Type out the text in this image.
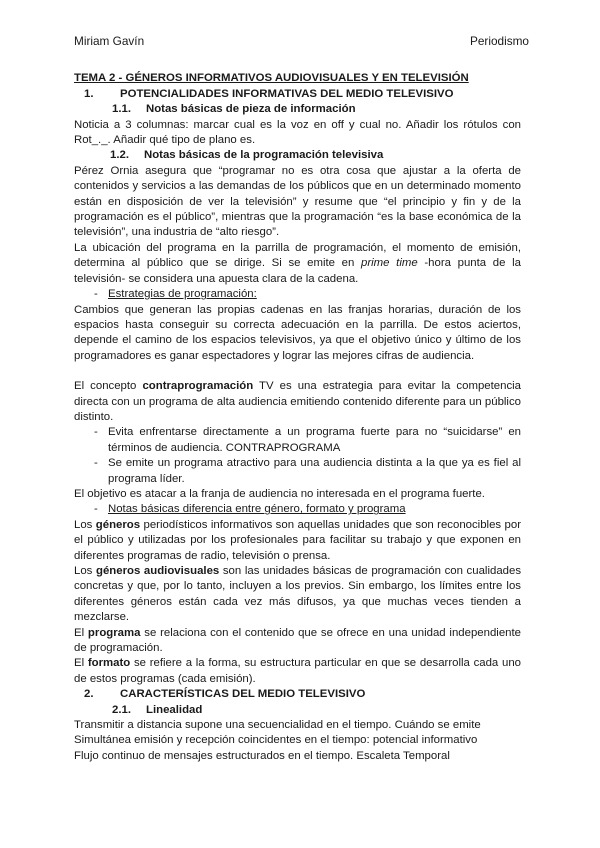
Miriam Gavín	Periodismo
TEMA 2 - GÉNEROS INFORMATIVOS AUDIOVISUALES Y EN TELEVISIÓN
1.	POTENCIALIDADES INFORMATIVAS DEL MEDIO TELEVISIVO
1.1.	Notas básicas de pieza de información

Noticia a 3 columnas: marcar cual es la voz en off y cual no. Añadir los rótulos con Rot_._. Añadir qué tipo de plano es.

1.2.	Notas básicas de la programación televisiva

Pérez Ornia asegura que “programar no es otra cosa que ajustar a la oferta de contenidos y servicios a las demandas de los públicos que en un determinado momento están en disposición de ver la televisión” y resume que “el principio y fin y de la programación es el público”, mientras que la programación “es la base económica de la televisión”, una industria de “alto riesgo”.

La ubicación del programa en la parrilla de programación, el momento de emisión, determina al público que se dirige. Si se emite en prime time -hora punta de la televisión- se considera una apuesta clara de la cadena.

- Estrategias de programación:

Cambios que generan las propias cadenas en las franjas horarias, duración de los espacios hasta conseguir su correcta adecuación en la parrilla. De estos aciertos, depende el camino de los espacios televisivos, ya que el objetivo único y último de los programadores es ganar espectadores y lograr las mejores cifras de audiencia.

El concepto contraprogramación TV es una estrategia para evitar la competencia directa con un programa de alta audiencia emitiendo contenido diferente para un público distinto.

- Evita enfrentarse directamente a un programa fuerte para no “suicidarse” en términos de audiencia. CONTRAPROGRAMA
- Se emite un programa atractivo para una audiencia distinta a la que ya es fiel al programa líder.

El objetivo es atacar a la franja de audiencia no interesada en el programa fuerte.

- Notas básicas diferencia entre género, formato y programa

Los géneros periodísticos informativos son aquellas unidades que son reconocibles por el público y utilizadas por los profesionales para facilitar su trabajo y que exponen en diferentes programas de radio, televisión o prensa.

Los géneros audiovisuales son las unidades básicas de programación con cualidades concretas y que, por lo tanto, incluyen a los previos. Sin embargo, los límites entre los diferentes géneros están cada vez más difusos, ya que muchas veces tienden a mezclarse.

El programa se relaciona con el contenido que se ofrece en una unidad independiente de programación.

El formato se refiere a la forma, su estructura particular en que se desarrolla cada uno de estos programas (cada emisión).

2.	CARACTERÍSTICAS DEL MEDIO TELEVISIVO
2.1.	Linealidad

Transmitir a distancia supone una secuencialidad en el tiempo. Cuándo se emite

Simultánea emisión y recepción coincidentes en el tiempo: potencial informativo

Flujo continuo de mensajes estructurados en el tiempo. Escaleta Temporal
